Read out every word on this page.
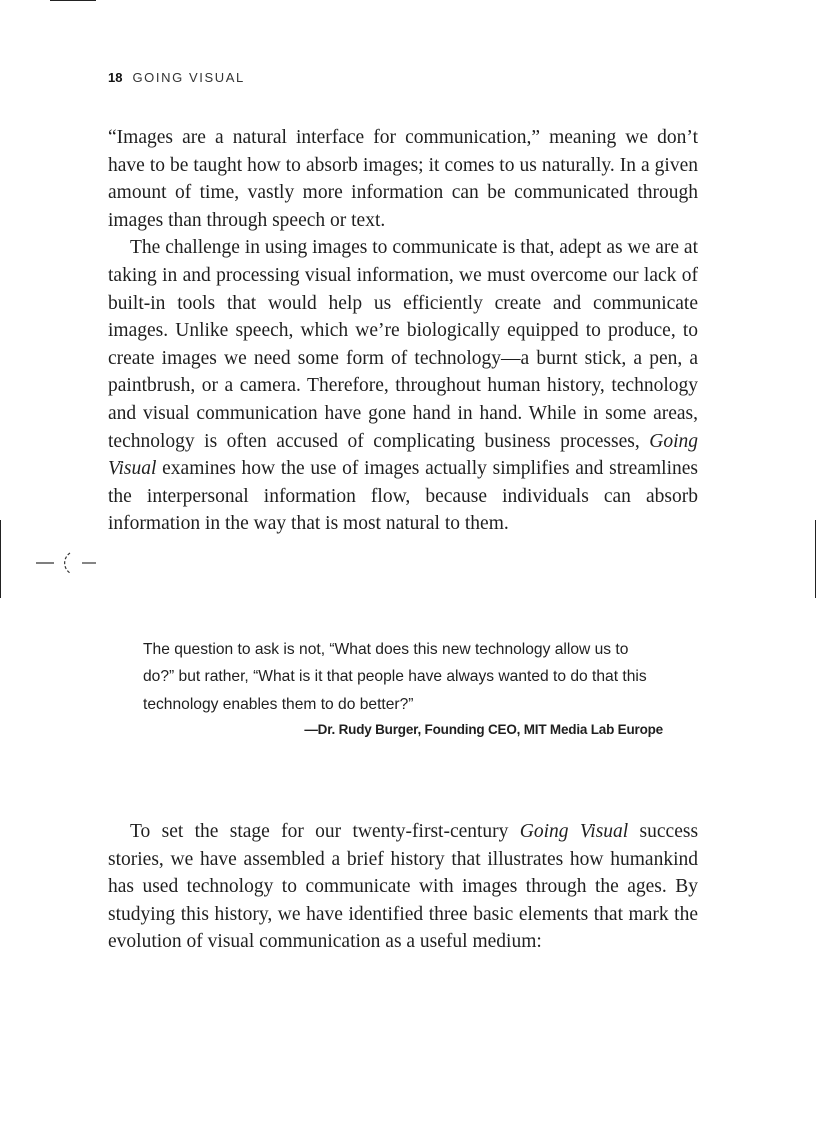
18 GOING VISUAL

“Images are a natural interface for communication,” meaning we don’t have to be taught how to absorb images; it comes to us naturally. In a given amount of time, vastly more information can be communicated through images than through speech or text.

The challenge in using images to communicate is that, adept as we are at taking in and processing visual information, we must overcome our lack of built-in tools that would help us efficiently create and communicate images. Unlike speech, which we’re biologically equipped to produce, to create images we need some form of technology—a burnt stick, a pen, a paintbrush, or a camera. Therefore, throughout human history, technology and visual communication have gone hand in hand. While in some areas, technology is often accused of complicating business processes, Going Visual examines how the use of images actually simplifies and streamlines the interpersonal information flow, because individuals can absorb information in the way that is most natural to them.

The question to ask is not, “What does this new technology allow us to do?” but rather, “What is it that people have always wanted to do that this technology enables them to do better?”

—Dr. Rudy Burger, Founding CEO, MIT Media Lab Europe

To set the stage for our twenty-first-century Going Visual success stories, we have assembled a brief history that illustrates how humankind has used technology to communicate with images through the ages. By studying this history, we have identified three basic elements that mark the evolution of visual communication as a useful medium:
